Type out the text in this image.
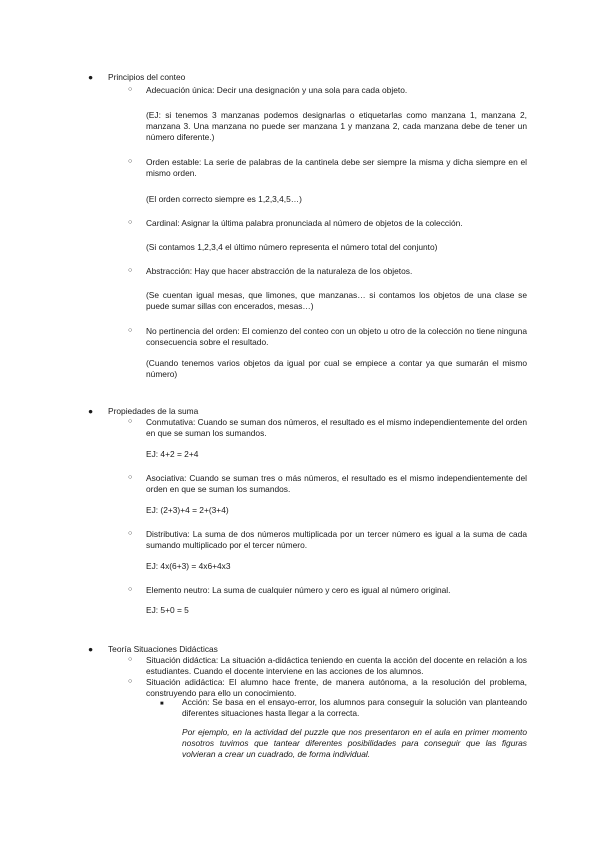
● Principios del conteo
○ Adecuación única: Decir una designación y una sola para cada objeto.

(EJ: si tenemos 3 manzanas podemos designarlas o etiquetarlas como manzana 1, manzana 2, manzana 3. Una manzana no puede ser manzana 1 y manzana 2, cada manzana debe de tener un número diferente.)

○ Orden estable: La serie de palabras de la cantinela debe ser siempre la misma y dicha siempre en el mismo orden.

(El orden correcto siempre es 1,2,3,4,5…)

○ Cardinal: Asignar la última palabra pronunciada al número de objetos de la colección.

(Si contamos 1,2,3,4 el último número representa el número total del conjunto)

○ Abstracción: Hay que hacer abstracción de la naturaleza de los objetos.

(Se cuentan igual mesas, que limones, que manzanas… si contamos los objetos de una clase se puede sumar sillas con encerados, mesas…)

○ No pertinencia del orden: El comienzo del conteo con un objeto u otro de la colección no tiene ninguna consecuencia sobre el resultado.

(Cuando tenemos varios objetos da igual por cual se empiece a contar ya que sumarán el mismo número)

● Propiedades de la suma
○ Conmutativa: Cuando se suman dos números, el resultado es el mismo independientemente del orden en que se suman los sumandos.

EJ: 4+2 = 2+4

○ Asociativa: Cuando se suman tres o más números, el resultado es el mismo independientemente del orden en que se suman los sumandos.

EJ: (2+3)+4 = 2+(3+4)

○ Distributiva: La suma de dos números multiplicada por un tercer número es igual a la suma de cada sumando multiplicado por el tercer número.

EJ: 4x(6+3) = 4x6+4x3

○ Elemento neutro: La suma de cualquier número y cero es igual al número original.

EJ: 5+0 = 5

● Teoría Situaciones Didácticas
○ Situación didáctica: La situación a-didáctica teniendo en cuenta la acción del docente en relación a los estudiantes. Cuando el docente interviene en las acciones de los alumnos.

○ Situación adidáctica: El alumno hace frente, de manera autónoma, a la resolución del problema, construyendo para ello un conocimiento.

■ Acción: Se basa en el ensayo-error, los alumnos para conseguir la solución van planteando diferentes situaciones hasta llegar a la correcta.

Por ejemplo, en la actividad del puzzle que nos presentaron en el aula en primer momento nosotros tuvimos que tantear diferentes posibilidades para conseguir que las figuras volvieran a crear un cuadrado, de forma individual.
